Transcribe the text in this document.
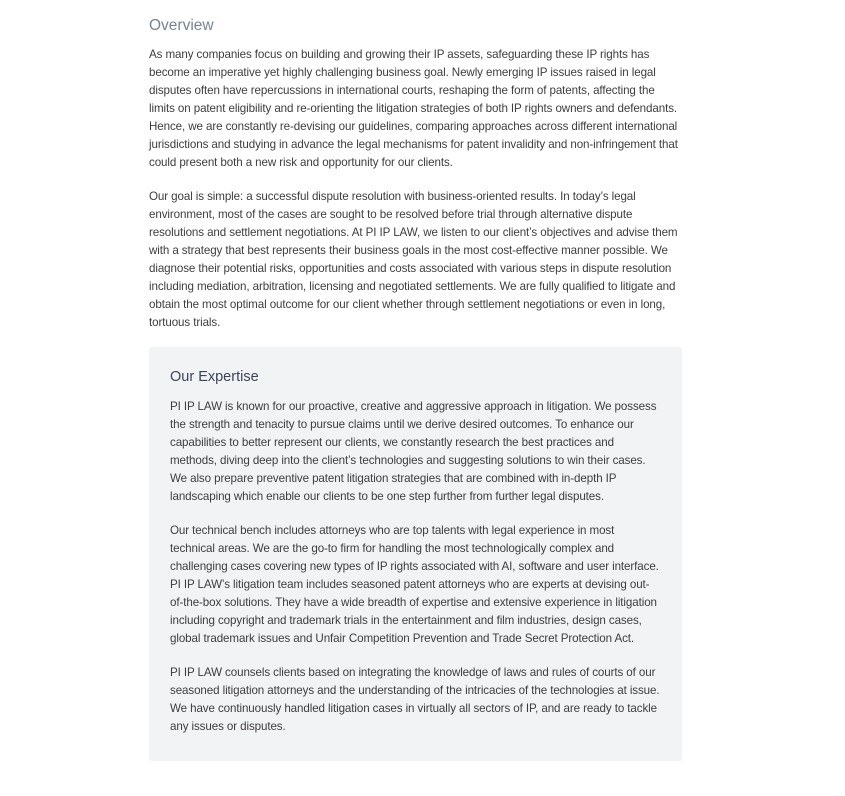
Overview

As many companies focus on building and growing their IP assets, safeguarding these IP rights has become an imperative yet highly challenging business goal. Newly emerging IP issues raised in legal disputes often have repercussions in international courts, reshaping the form of patents, affecting the limits on patent eligibility and re-orienting the litigation strategies of both IP rights owners and defendants. Hence, we are constantly re-devising our guidelines, comparing approaches across different international jurisdictions and studying in advance the legal mechanisms for patent invalidity and non-infringement that could present both a new risk and opportunity for our clients.

Our goal is simple: a successful dispute resolution with business-oriented results. In today’s legal environment, most of the cases are sought to be resolved before trial through alternative dispute resolutions and settlement negotiations. At PI IP LAW, we listen to our client’s objectives and advise them with a strategy that best represents their business goals in the most cost-effective manner possible. We diagnose their potential risks, opportunities and costs associated with various steps in dispute resolution including mediation, arbitration, licensing and negotiated settlements. We are fully qualified to litigate and obtain the most optimal outcome for our client whether through settlement negotiations or even in long, tortuous trials.

Our Expertise

PI IP LAW is known for our proactive, creative and aggressive approach in litigation. We possess the strength and tenacity to pursue claims until we derive desired outcomes. To enhance our capabilities to better represent our clients, we constantly research the best practices and methods, diving deep into the client’s technologies and suggesting solutions to win their cases. We also prepare preventive patent litigation strategies that are combined with in-depth IP landscaping which enable our clients to be one step further from further legal disputes.

Our technical bench includes attorneys who are top talents with legal experience in most technical areas. We are the go-to firm for handling the most technologically complex and challenging cases covering new types of IP rights associated with AI, software and user interface. PI IP LAW’s litigation team includes seasoned patent attorneys who are experts at devising out-of-the-box solutions. They have a wide breadth of expertise and extensive experience in litigation including copyright and trademark trials in the entertainment and film industries, design cases, global trademark issues and Unfair Competition Prevention and Trade Secret Protection Act.

PI IP LAW counsels clients based on integrating the knowledge of laws and rules of courts of our seasoned litigation attorneys and the understanding of the intricacies of the technologies at issue. We have continuously handled litigation cases in virtually all sectors of IP, and are ready to tackle any issues or disputes.
